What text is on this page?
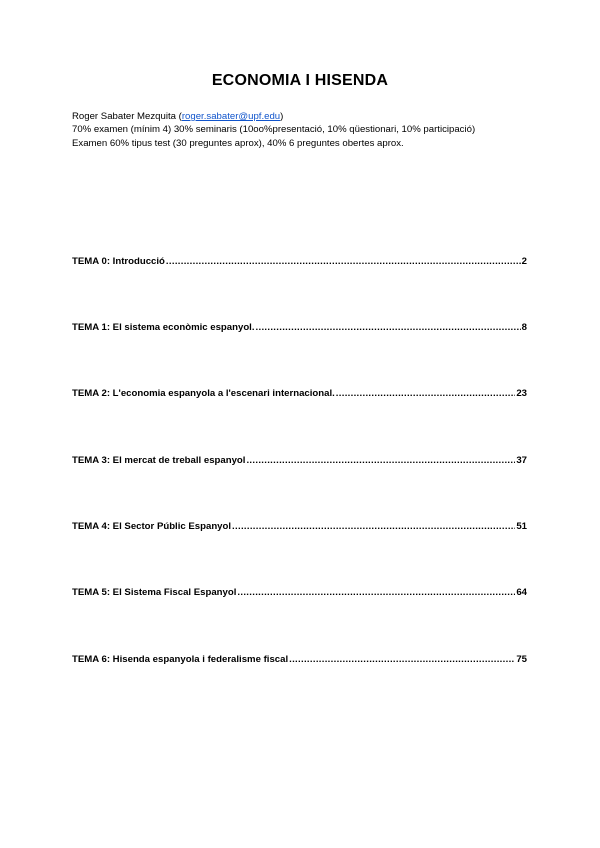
ECONOMIA I HISENDA

Roger Sabater Mezquita (roger.sabater@upf.edu)

70% examen (mínim 4) 30% seminaris (10oo%presentació, 10% qüestionari, 10% participació)

Examen 60% tipus test (30 preguntes aprox), 40% 6 preguntes obertes aprox.

TEMA 0: Introducció .....	2
TEMA 1: El sistema econòmic espanyol. .....	8
TEMA 2: L'economia espanyola a l'escenari internacional. .....	23
TEMA 3: El mercat de treball espanyol .....	37
TEMA 4: El Sector Públic Espanyol .....	51
TEMA 5: El Sistema Fiscal Espanyol .....	64
TEMA 6: Hisenda espanyola i federalisme fiscal .....	75
